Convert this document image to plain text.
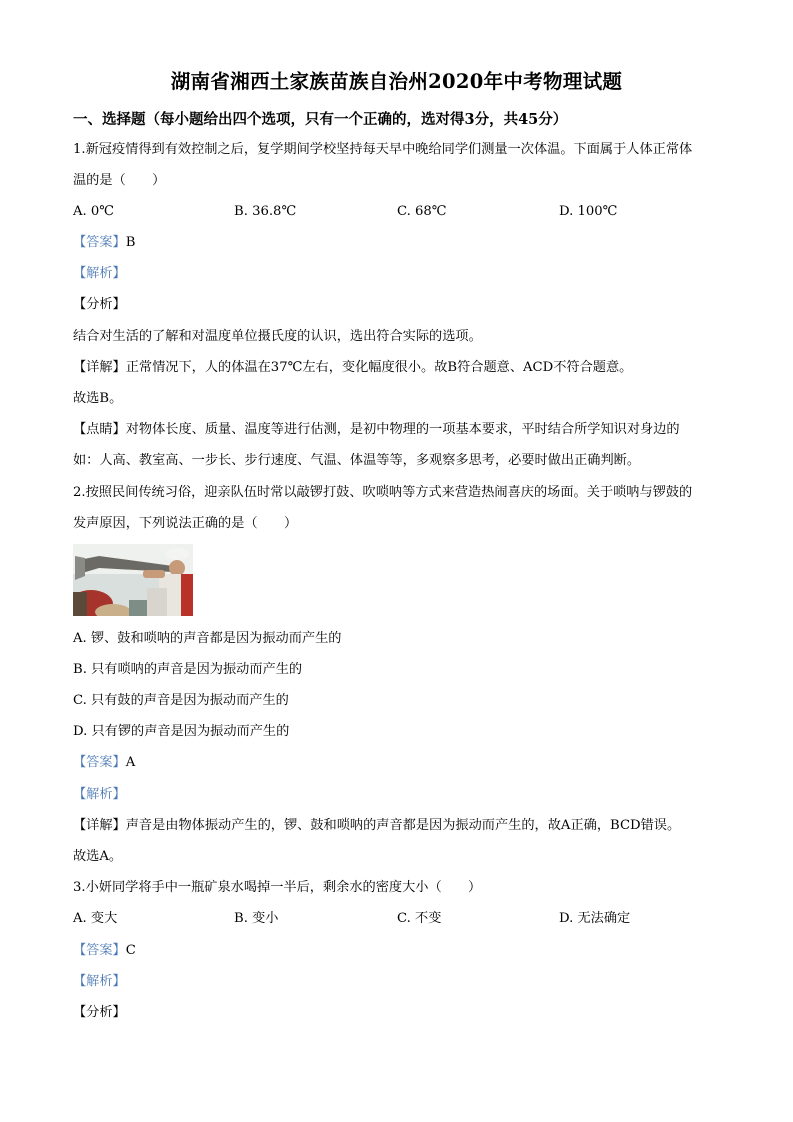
湖南省湘西土家族苗族自治州2020年中考物理试题
一、选择题（每小题给出四个选项，只有一个正确的，选对得3分，共45分）
1.新冠疫情得到有效控制之后，复学期间学校坚持每天早中晚给同学们测量一次体温。下面属于人体正常体
温的是（　　）
A. 0℃	B. 36.8℃	C. 68℃	D. 100℃
【答案】B
【解析】
【分析】
结合对生活的了解和对温度单位摄氏度的认识，选出符合实际的选项。
【详解】正常情况下，人的体温在37℃左右，变化幅度很小。故B符合题意、ACD不符合题意。
故选B。
【点睛】对物体长度、质量、温度等进行估测，是初中物理的一项基本要求，平时结合所学知识对身边的
如：人高、教室高、一步长、步行速度、气温、体温等等，多观察多思考，必要时做出正确判断。
2.按照民间传统习俗，迎亲队伍时常以敲锣打鼓、吹唢呐等方式来营造热闹喜庆的场面。关于唢呐与锣鼓的
发声原因，下列说法正确的是（　　）
A. 锣、鼓和唢呐的声音都是因为振动而产生的
B. 只有唢呐的声音是因为振动而产生的
C. 只有鼓的声音是因为振动而产生的
D. 只有锣的声音是因为振动而产生的
【答案】A
【解析】
【详解】声音是由物体振动产生的，锣、鼓和唢呐的声音都是因为振动而产生的，故A正确，BCD错误。
故选A。
3.小妍同学将手中一瓶矿泉水喝掉一半后，剩余水的密度大小（　　）
A. 变大	B. 变小	C. 不变	D. 无法确定
【答案】C
【解析】
【分析】
